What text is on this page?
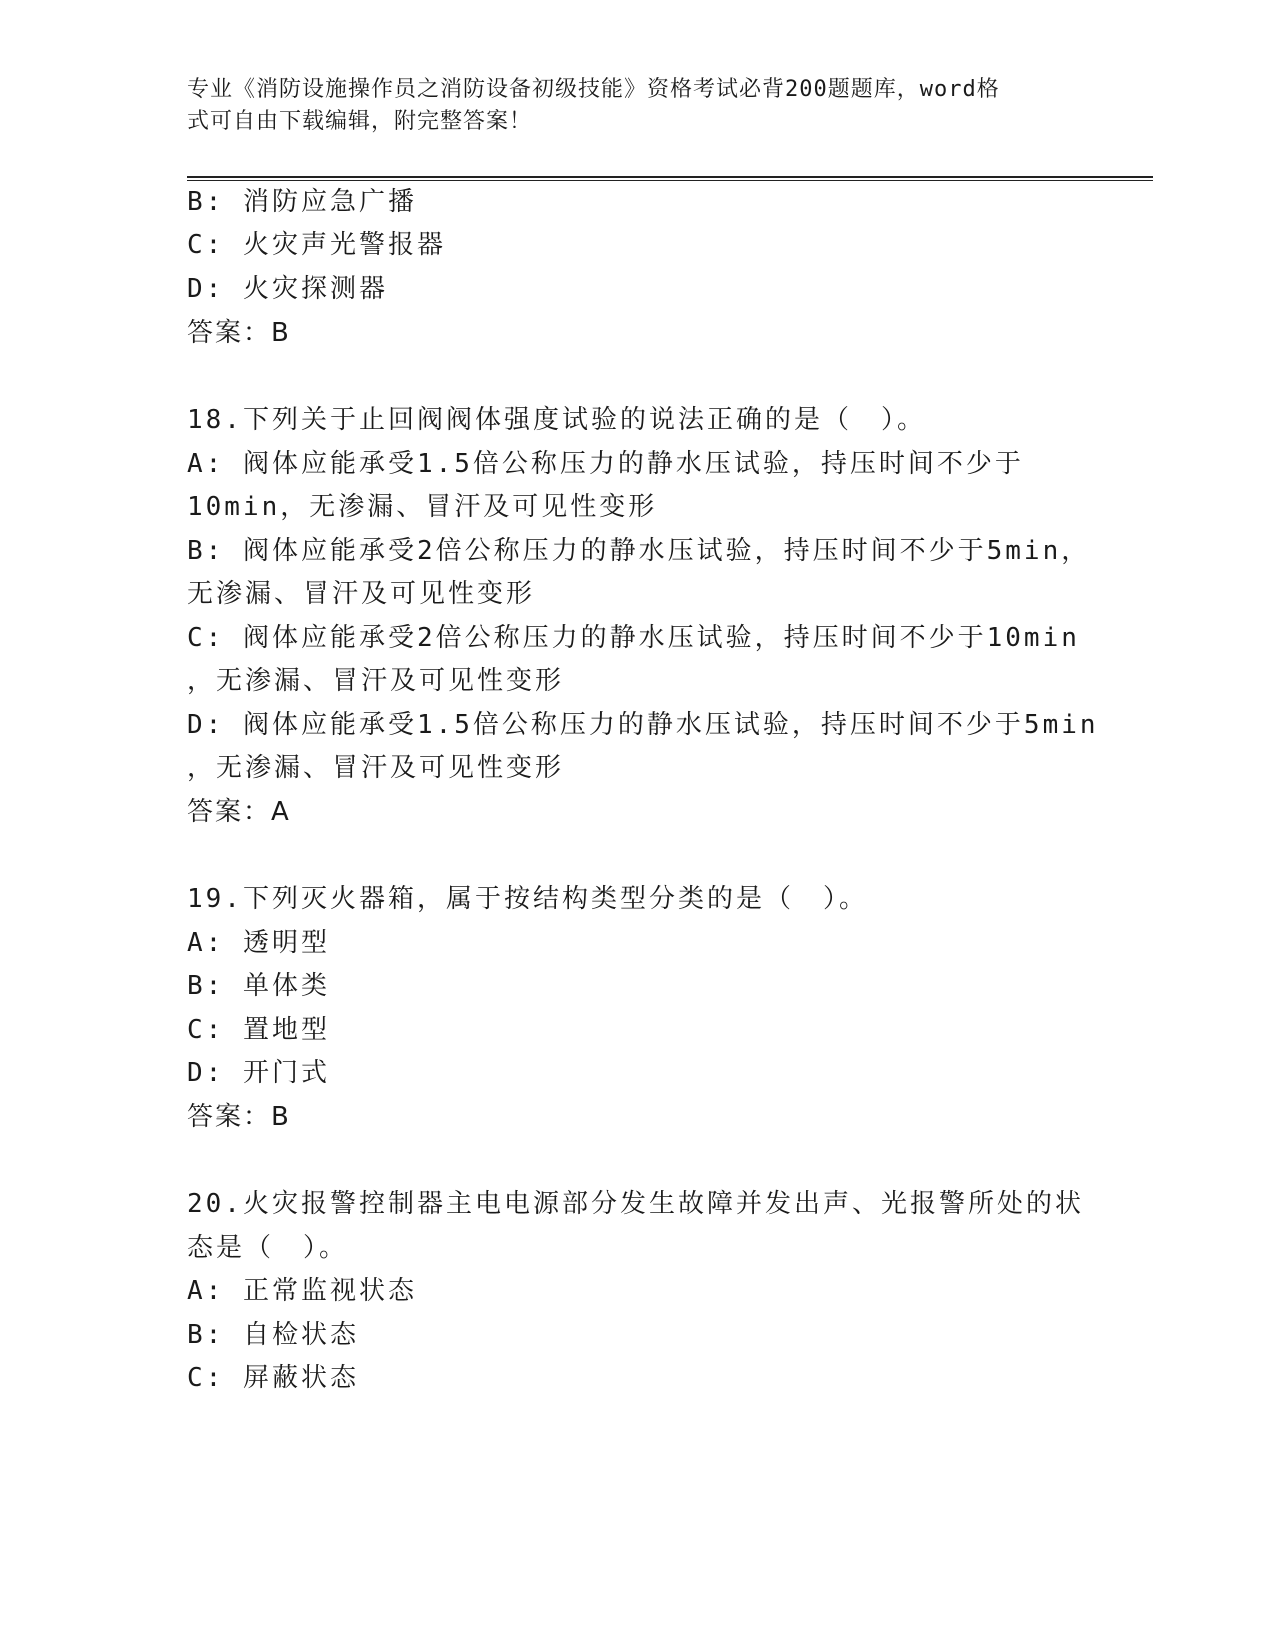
专业《消防设施操作员之消防设备初级技能》资格考试必背200题题库，word格
式可自由下载编辑，附完整答案！
B: 消防应急广播
C: 火灾声光警报器
D: 火灾探测器
答案：B
18.下列关于止回阀阀体强度试验的说法正确的是（　）。
A: 阀体应能承受1.5倍公称压力的静水压试验，持压时间不少于
10min，无渗漏、冒汗及可见性变形
B: 阀体应能承受2倍公称压力的静水压试验，持压时间不少于5min，
无渗漏、冒汗及可见性变形
C: 阀体应能承受2倍公称压力的静水压试验，持压时间不少于10min
，无渗漏、冒汗及可见性变形
D: 阀体应能承受1.5倍公称压力的静水压试验，持压时间不少于5min
，无渗漏、冒汗及可见性变形
答案：A
19.下列灭火器箱，属于按结构类型分类的是（　）。
A: 透明型
B: 单体类
C: 置地型
D: 开门式
答案：B
20.火灾报警控制器主电电源部分发生故障并发出声、光报警所处的状
态是（　）。
A: 正常监视状态
B: 自检状态
C: 屏蔽状态
